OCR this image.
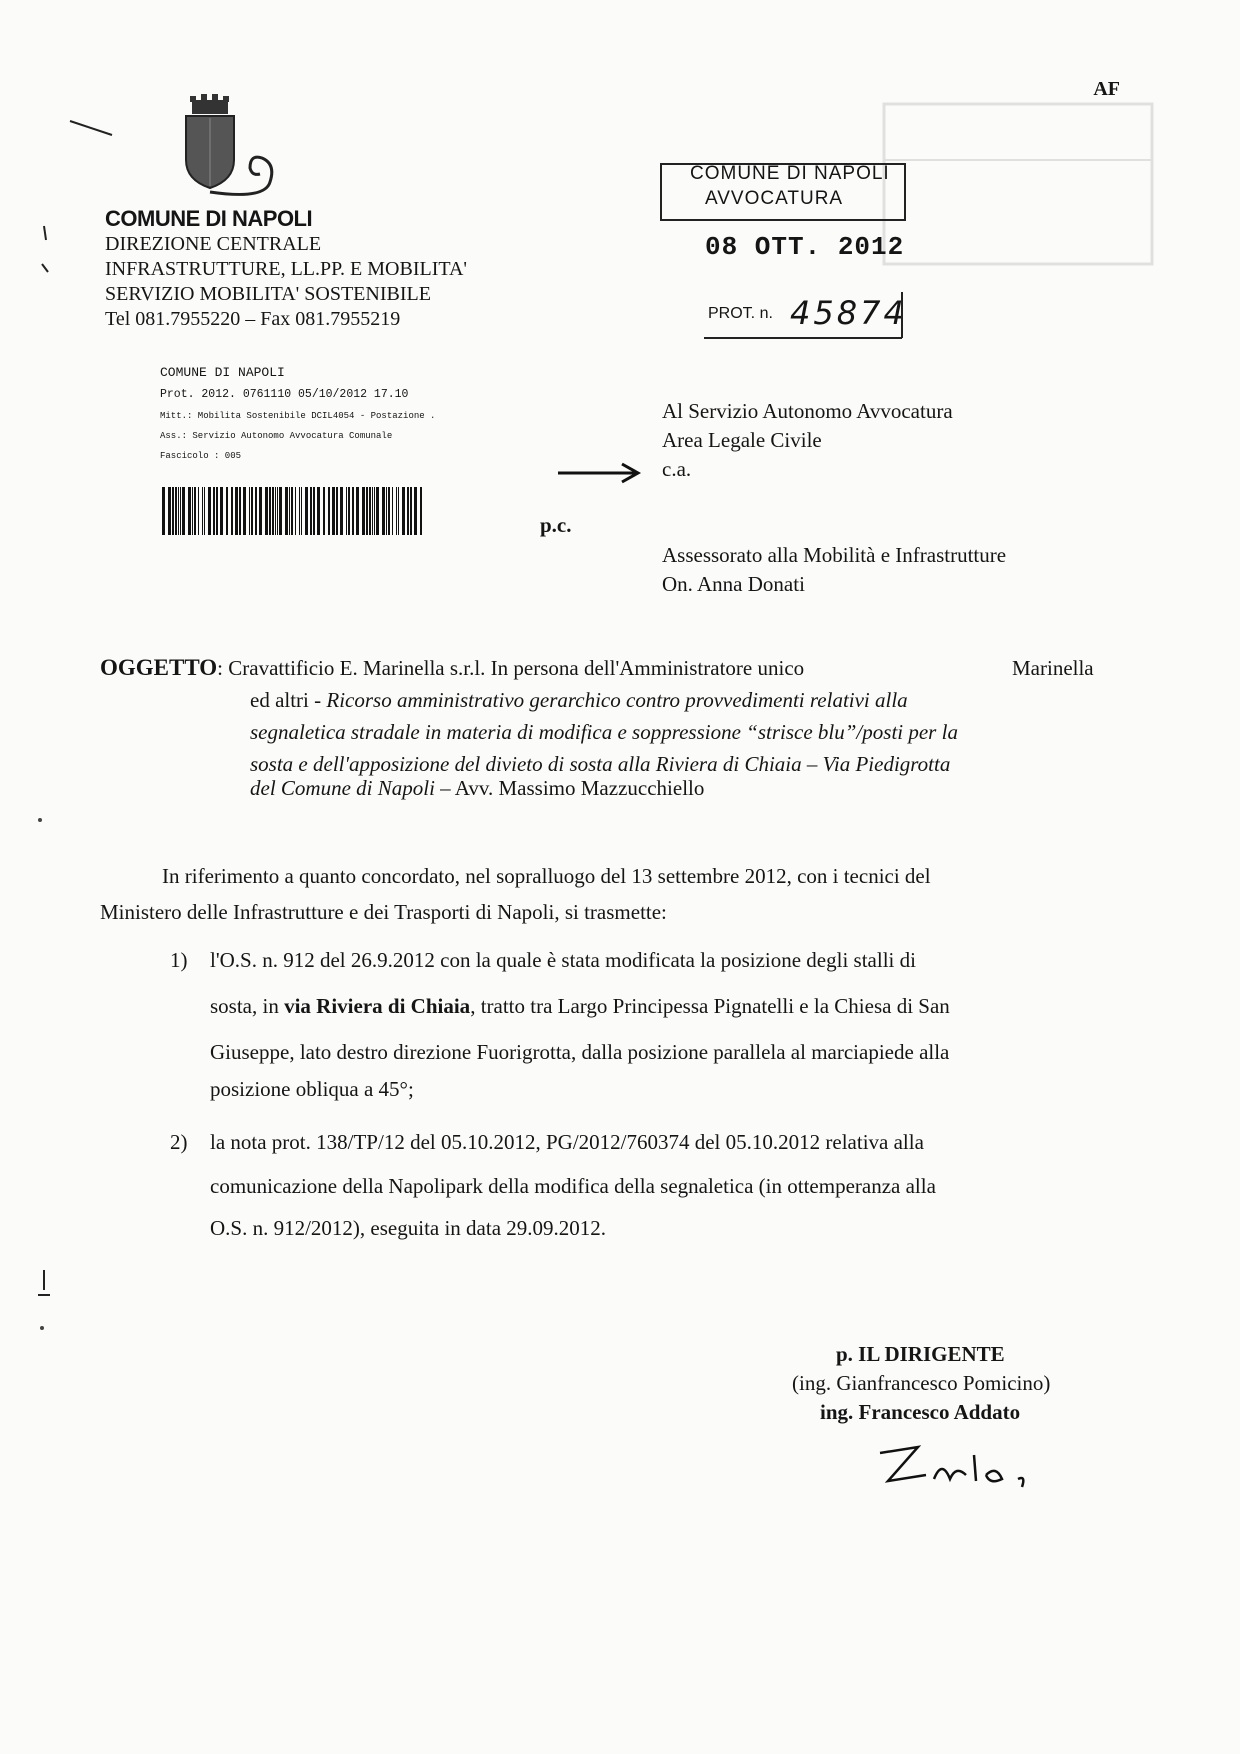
AF
COMUNE DI NAPOLI
DIREZIONE CENTRALE
INFRASTRUTTURE, LL.PP. E MOBILITA'
SERVIZIO MOBILITA' SOSTENIBILE
Tel 081.7955220 – Fax 081.7955219
COMUNE DI NAPOLI
Prot. 2012. 0761110 05/10/2012 17.10
Mitt.: Mobilita Sostenibile DCIL4054 - Postazione .
Ass.: Servizio Autonomo Avvocatura Comunale
Fascicolo : 005
COMUNE DI NAPOLI
AVVOCATURA
08 OTT. 2012
PROT. n. 45874
Al Servizio Autonomo Avvocatura
Area Legale Civile
c.a.
p.c.
Assessorato alla Mobilità e Infrastrutture
On. Anna Donati
OGGETTO: Cravattificio E. Marinella s.r.l. In persona dell'Amministratore unico	Marinella
ed altri - Ricorso amministrativo gerarchico contro provvedimenti relativi alla
segnaletica stradale in materia di modifica e soppressione “strisce blu”/posti per la
sosta e dell'apposizione del divieto di sosta alla Riviera di Chiaia – Via Piedigrotta
del Comune di Napoli – Avv. Massimo Mazzucchiello
In riferimento a quanto concordato, nel sopralluogo del 13 settembre 2012, con i tecnici del
Ministero delle Infrastrutture e dei Trasporti di Napoli, si trasmette:
1) l'O.S. n. 912 del 26.9.2012 con la quale è stata modificata la posizione degli stalli di
sosta, in via Riviera di Chiaia, tratto tra Largo Principessa Pignatelli e la Chiesa di San
Giuseppe, lato destro direzione Fuorigrotta, dalla posizione parallela al marciapiede alla
posizione obliqua a 45°;
2) la nota prot. 138/TP/12 del 05.10.2012, PG/2012/760374 del 05.10.2012 relativa alla
comunicazione della Napolipark della modifica della segnaletica (in ottemperanza alla
O.S. n. 912/2012), eseguita in data 29.09.2012.
p. IL DIRIGENTE
(ing. Gianfrancesco Pomicino)
ing. Francesco Addato
